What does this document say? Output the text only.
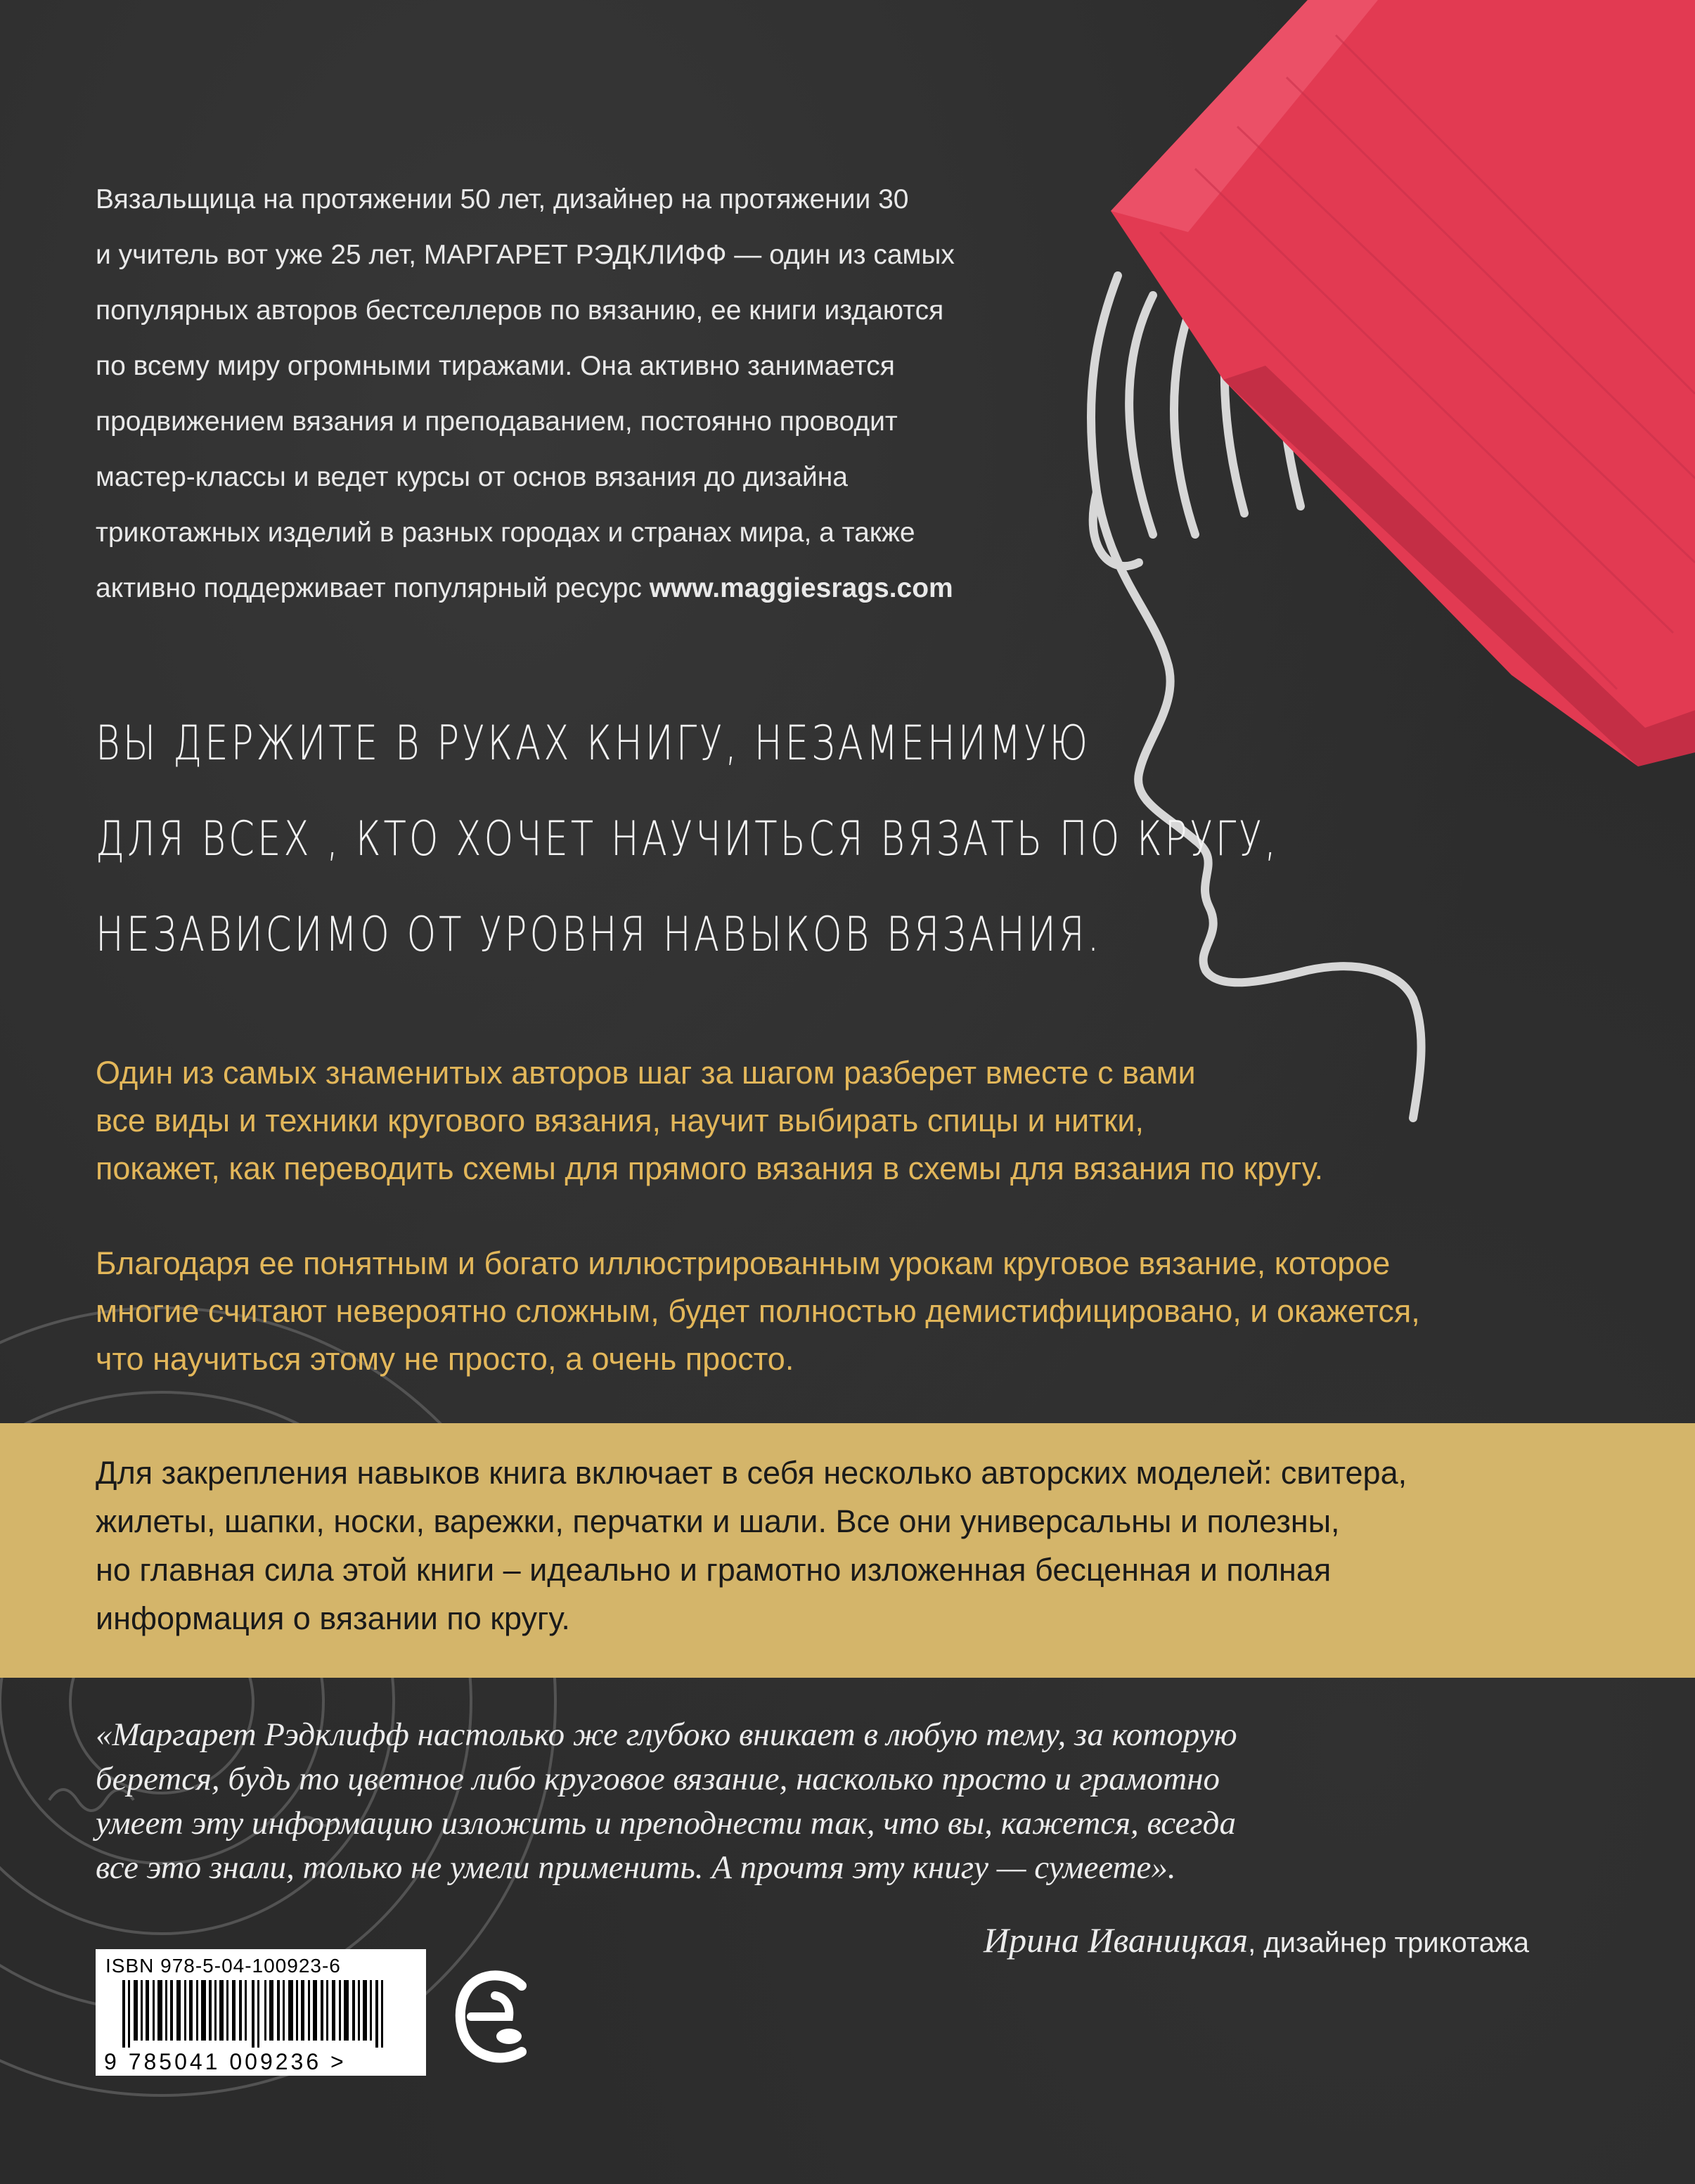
Вязальщица на протяжении 50 лет, дизайнер на протяжении 30
и учитель вот уже 25 лет, МАРГАРЕТ РЭДКЛИФФ — один из самых
популярных авторов бестселлеров по вязанию, ее книги издаются
по всему миру огромными тиражами. Она активно занимается
продвижением вязания и преподаванием, постоянно проводит
мастер-классы и ведет курсы от основ вязания до дизайна
трикотажных изделий в разных городах и странах мира, а также
активно поддерживает популярный ресурс www.maggiesrags.com
ВЫ ДЕРЖИТЕ В РУКАХ КНИГУ, НЕЗАМЕНИМУЮ
ДЛЯ ВСЕХ , КТО ХОЧЕТ НАУЧИТЬСЯ ВЯЗАТЬ ПО КРУГУ,
НЕЗАВИСИМО ОТ УРОВНЯ НАВЫКОВ ВЯЗАНИЯ.
Один из самых знаменитых авторов шаг за шагом разберет вместе с вами
все виды и техники кругового вязания, научит выбирать спицы и нитки,
покажет, как переводить схемы для прямого вязания в схемы для вязания по кругу.
Благодаря ее понятным и богато иллюстрированным урокам круговое вязание, которое
многие считают невероятно сложным, будет полностью демистифицировано, и окажется,
что научиться этому не просто, а очень просто.

Для закрепления навыков книга включает в себя несколько авторских моделей: свитера,
жилеты, шапки, носки, варежки, перчатки и шали. Все они универсальны и полезны,
но главная сила этой книги – идеально и грамотно изложенная бесценная и полная
информация о вязании по кругу.

«Маргарет Рэдклифф настолько же глубоко вникает в любую тему, за которую
берется, будь то цветное либо круговое вязание, насколько просто и грамотно
умеет эту информацию изложить и преподнести так, что вы, кажется, всегда
все это знали, только не умели применить. А прочтя эту книгу — сумеете».
Ирина Иваницкая, дизайнер трикотажа
ISBN 978-5-04-100923-6
9 785041 009236 >
